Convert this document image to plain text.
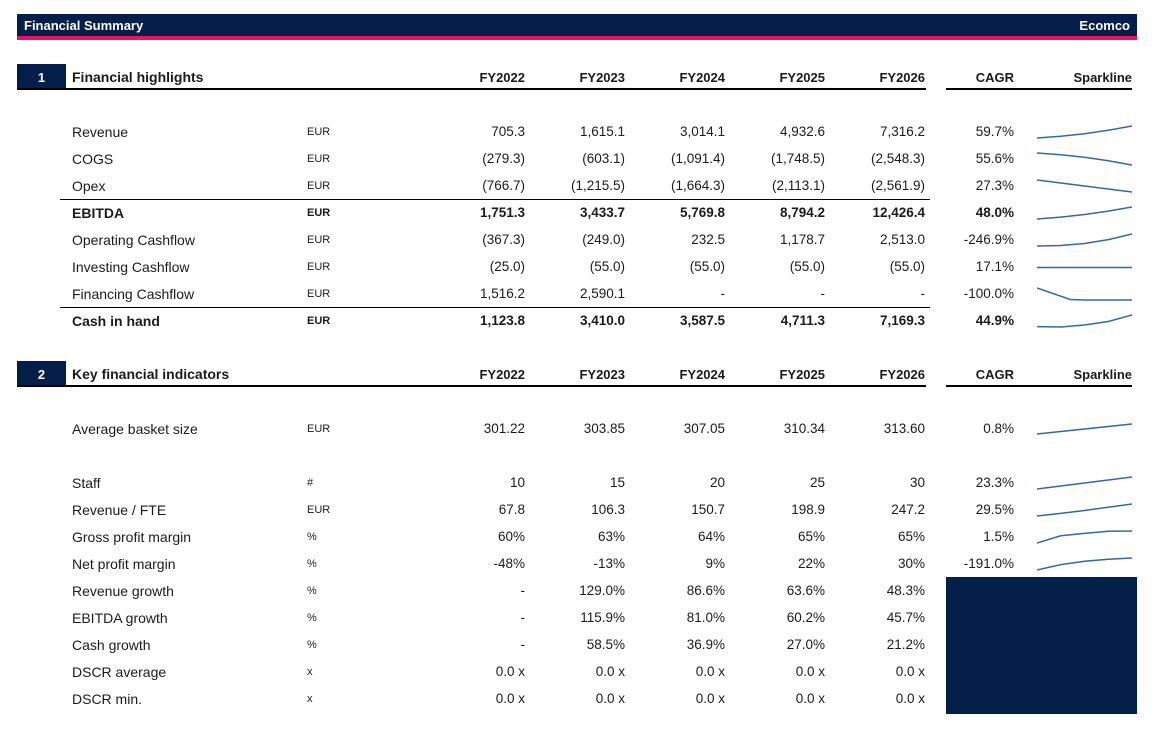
Financial Summary	Ecomco
1	Financial highlights	FY2022	FY2023	FY2024	FY2025	FY2026	CAGR	Sparkline
Revenue	EUR	705.3	1,615.1	3,014.1	4,932.6	7,316.2	59.7%
COGS	EUR	(279.3)	(603.1)	(1,091.4)	(1,748.5)	(2,548.3)	55.6%
Opex	EUR	(766.7)	(1,215.5)	(1,664.3)	(2,113.1)	(2,561.9)	27.3%
EBITDA	EUR	1,751.3	3,433.7	5,769.8	8,794.2	12,426.4	48.0%
Operating Cashflow	EUR	(367.3)	(249.0)	232.5	1,178.7	2,513.0	-246.9%
Investing Cashflow	EUR	(25.0)	(55.0)	(55.0)	(55.0)	(55.0)	17.1%
Financing Cashflow	EUR	1,516.2	2,590.1	-	-	-	-100.0%
Cash in hand	EUR	1,123.8	3,410.0	3,587.5	4,711.3	7,169.3	44.9%
2	Key financial indicators	FY2022	FY2023	FY2024	FY2025	FY2026	CAGR	Sparkline
Average basket size	EUR	301.22	303.85	307.05	310.34	313.60	0.8%
Staff	#	10	15	20	25	30	23.3%
Revenue / FTE	EUR	67.8	106.3	150.7	198.9	247.2	29.5%
Gross profit margin	%	60%	63%	64%	65%	65%	1.5%
Net profit margin	%	-48%	-13%	9%	22%	30%	-191.0%
Revenue growth	%	-	129.0%	86.6%	63.6%	48.3%
EBITDA growth	%	-	115.9%	81.0%	60.2%	45.7%
Cash growth	%	-	58.5%	36.9%	27.0%	21.2%
DSCR average	x	0.0 x	0.0 x	0.0 x	0.0 x	0.0 x
DSCR min.	x	0.0 x	0.0 x	0.0 x	0.0 x	0.0 x
